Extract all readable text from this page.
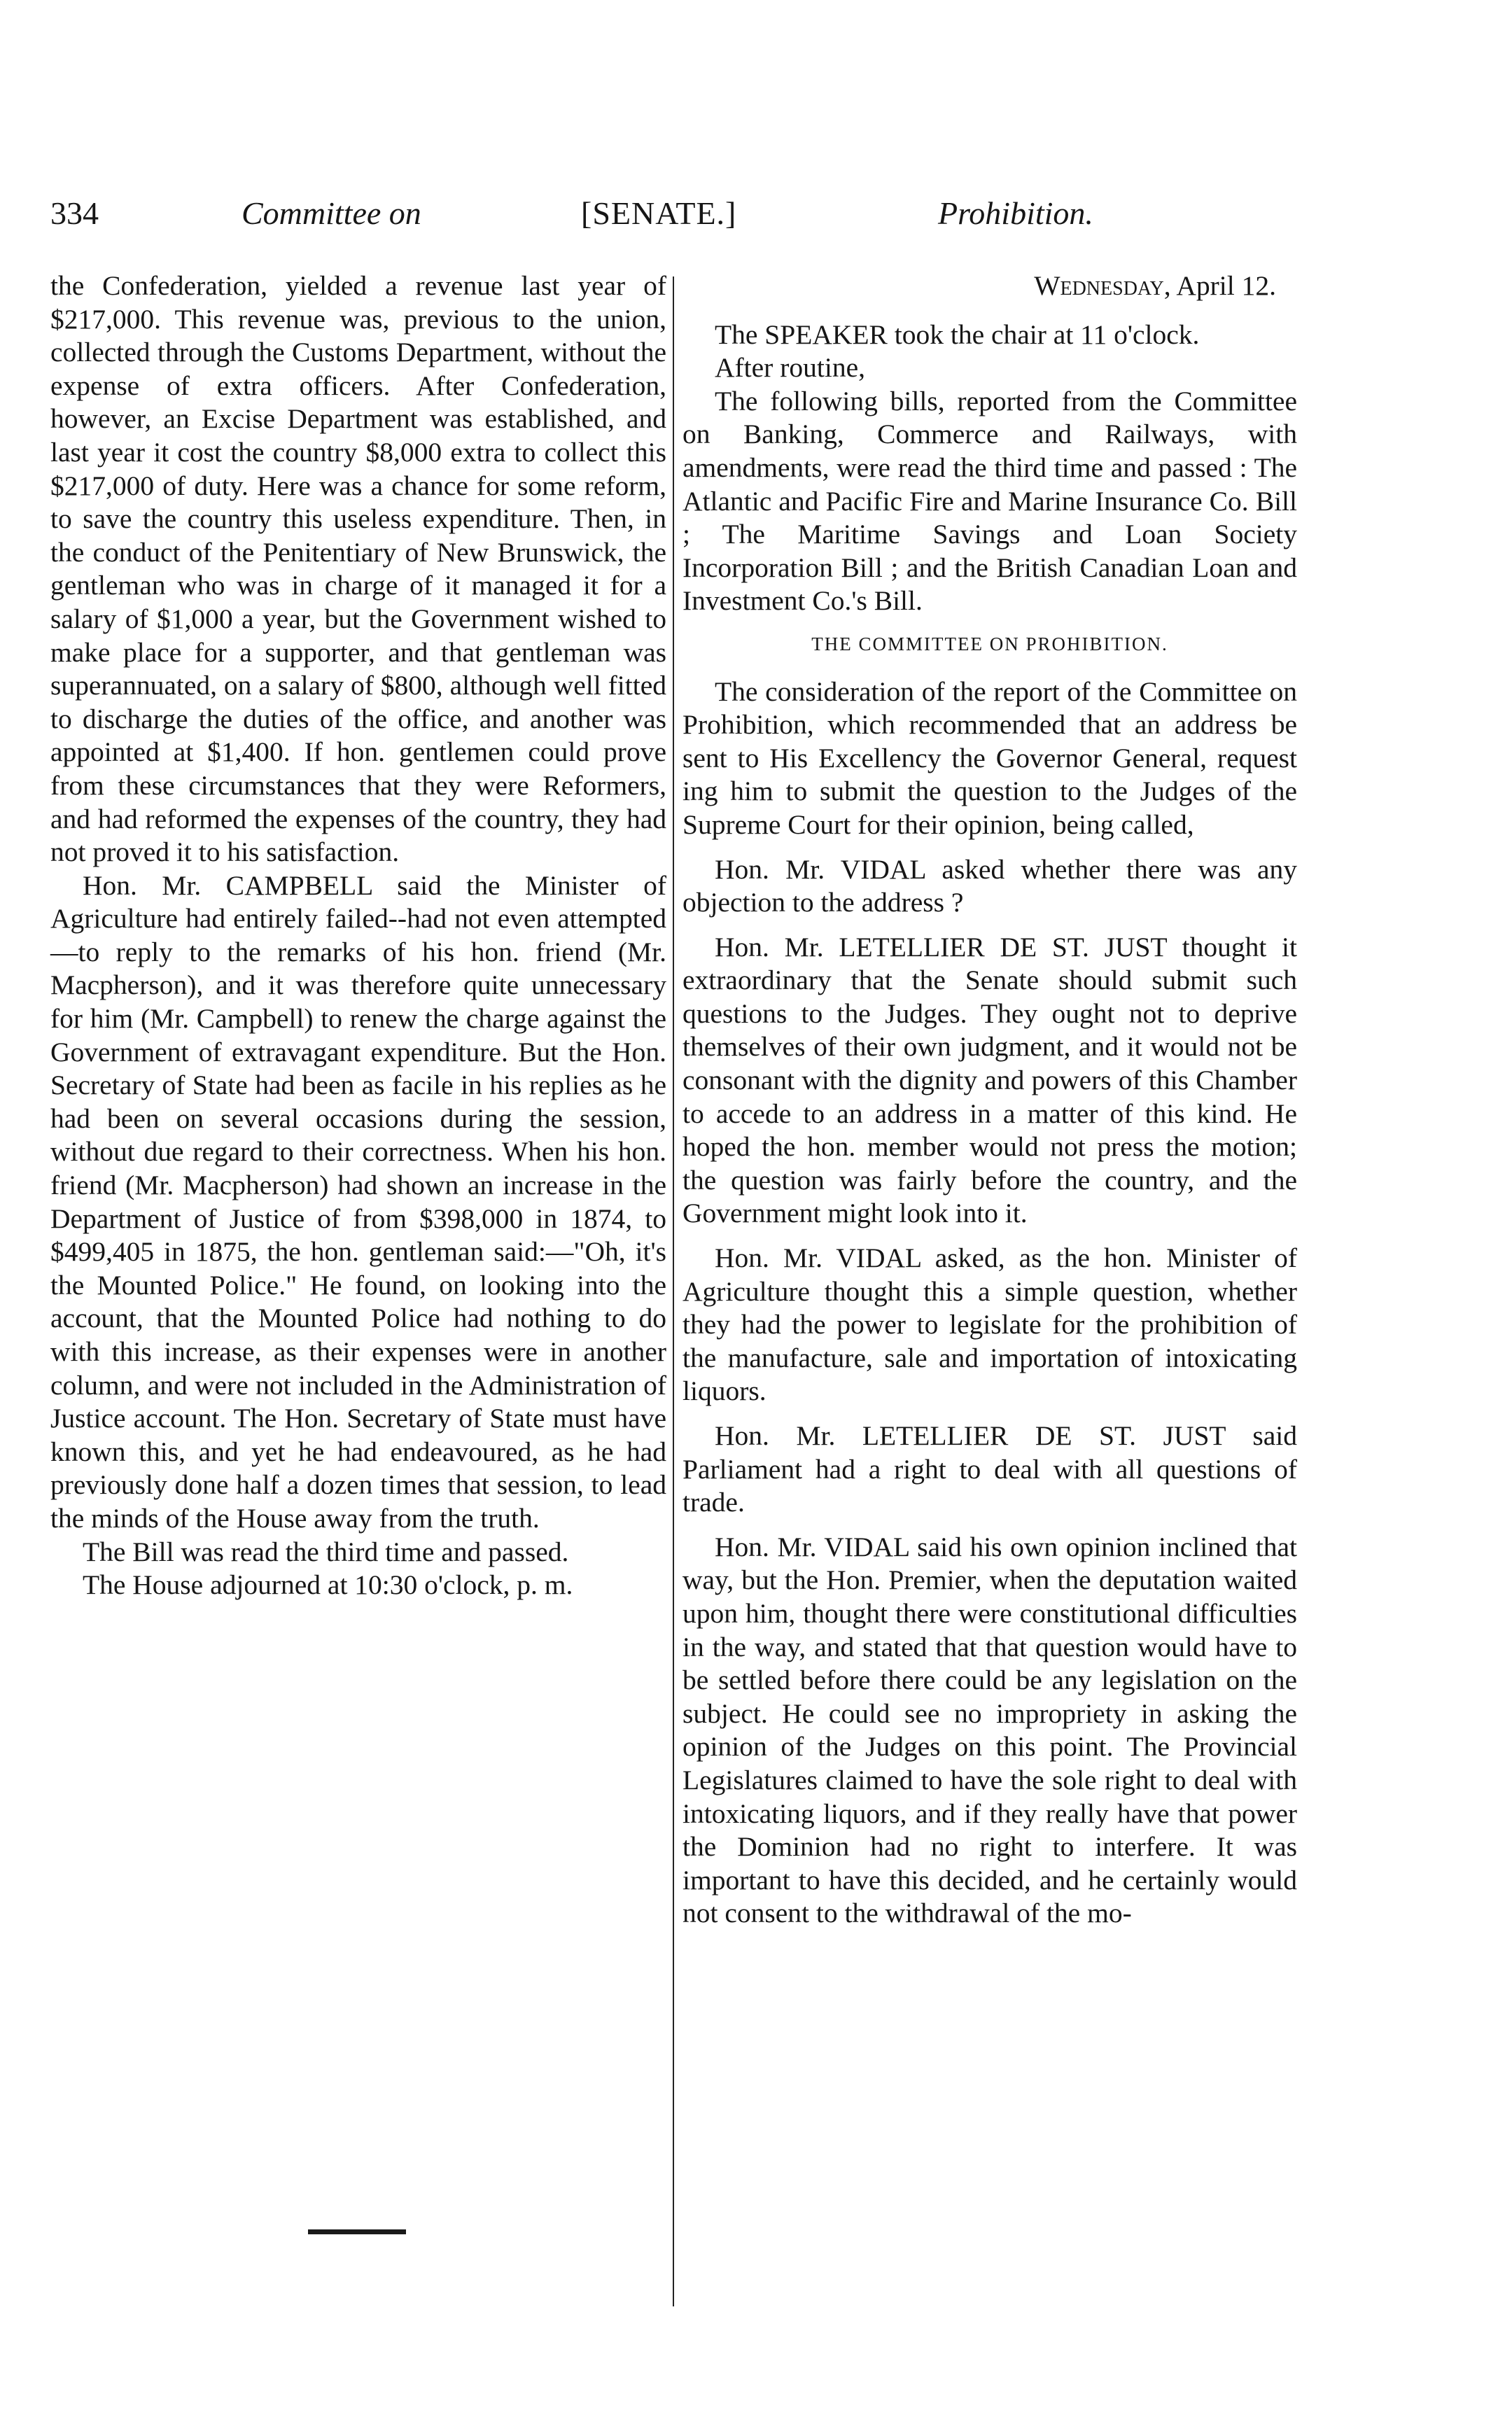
334	Committee on	[SENATE.]	Prohibition.

the Confederation, yielded a revenue last year of $217,000. This revenue was, previous to the union, collected through the Customs Department, without the expense of extra officers. After Confederation, however, an Excise Department was established, and last year it cost the country $8,000 extra to collect this $217,000 of duty. Here was a chance for some reform, to save the country this useless expenditure. Then, in the conduct of the Penitentiary of New Brunswick, the gentleman who was in charge of it managed it for a salary of $1,000 a year, but the Government wished to make place for a supporter, and that gentleman was superannuated, on a salary of $800, although well fitted to discharge the duties of the office, and another was appointed at $1,400. If hon. gentlemen could prove from these circumstances that they were Reformers, and had reformed the expenses of the country, they had not proved it to his satisfaction.

Hon. Mr. CAMPBELL said the Minister of Agriculture had entirely failed--had not even attempted—to reply to the remarks of his hon. friend (Mr. Macpherson), and it was therefore quite unnecessary for him (Mr. Campbell) to renew the charge against the Government of extravagant expenditure. But the Hon. Secretary of State had been as facile in his replies as he had been on several occasions during the session, without due regard to their correctness. When his hon. friend (Mr. Macpherson) had shown an increase in the Department of Justice of from $398,000 in 1874, to $499,405 in 1875, the hon. gentleman said:—"Oh, it's the Mounted Police." He found, on looking into the account, that the Mounted Police had nothing to do with this increase, as their expenses were in another column, and were not included in the Administration of Justice account. The Hon. Secretary of State must have known this, and yet he had endeavoured, as he had previously done half a dozen times that session, to lead the minds of the House away from the truth.

The Bill was read the third time and passed.

The House adjourned at 10:30 o'clock, p. m.

Wednesday, April 12.

The SPEAKER took the chair at 11 o'clock.

After routine,

The following bills, reported from the Committee on Banking, Commerce and Railways, with amendments, were read the third time and passed : The Atlantic and Pacific Fire and Marine Insurance Co. Bill ; The Maritime Savings and Loan Society Incorporation Bill ; and the British Canadian Loan and Investment Co.'s Bill.

THE COMMITTEE ON PROHIBITION.

The consideration of the report of the Committee on Prohibition, which recommended that an address be sent to His Excellency the Governor General, request ing him to submit the question to the Judges of the Supreme Court for their opinion, being called,

Hon. Mr. VIDAL asked whether there was any objection to the address ?

Hon. Mr. LETELLIER DE ST. JUST thought it extraordinary that the Senate should submit such questions to the Judges. They ought not to deprive themselves of their own judgment, and it would not be consonant with the dignity and powers of this Chamber to accede to an address in a matter of this kind. He hoped the hon. member would not press the motion; the question was fairly before the country, and the Government might look into it.

Hon. Mr. VIDAL asked, as the hon. Minister of Agriculture thought this a simple question, whether they had the power to legislate for the prohibition of the manufacture, sale and importation of intoxicating liquors.

Hon. Mr. LETELLIER DE ST. JUST said Parliament had a right to deal with all questions of trade.

Hon. Mr. VIDAL said his own opinion inclined that way, but the Hon. Premier, when the deputation waited upon him, thought there were constitutional difficulties in the way, and stated that that question would have to be settled before there could be any legislation on the subject. He could see no impropriety in asking the opinion of the Judges on this point. The Provincial Legislatures claimed to have the sole right to deal with intoxicating liquors, and if they really have that power the Dominion had no right to interfere. It was important to have this decided, and he certainly would not consent to the withdrawal of the mo-
